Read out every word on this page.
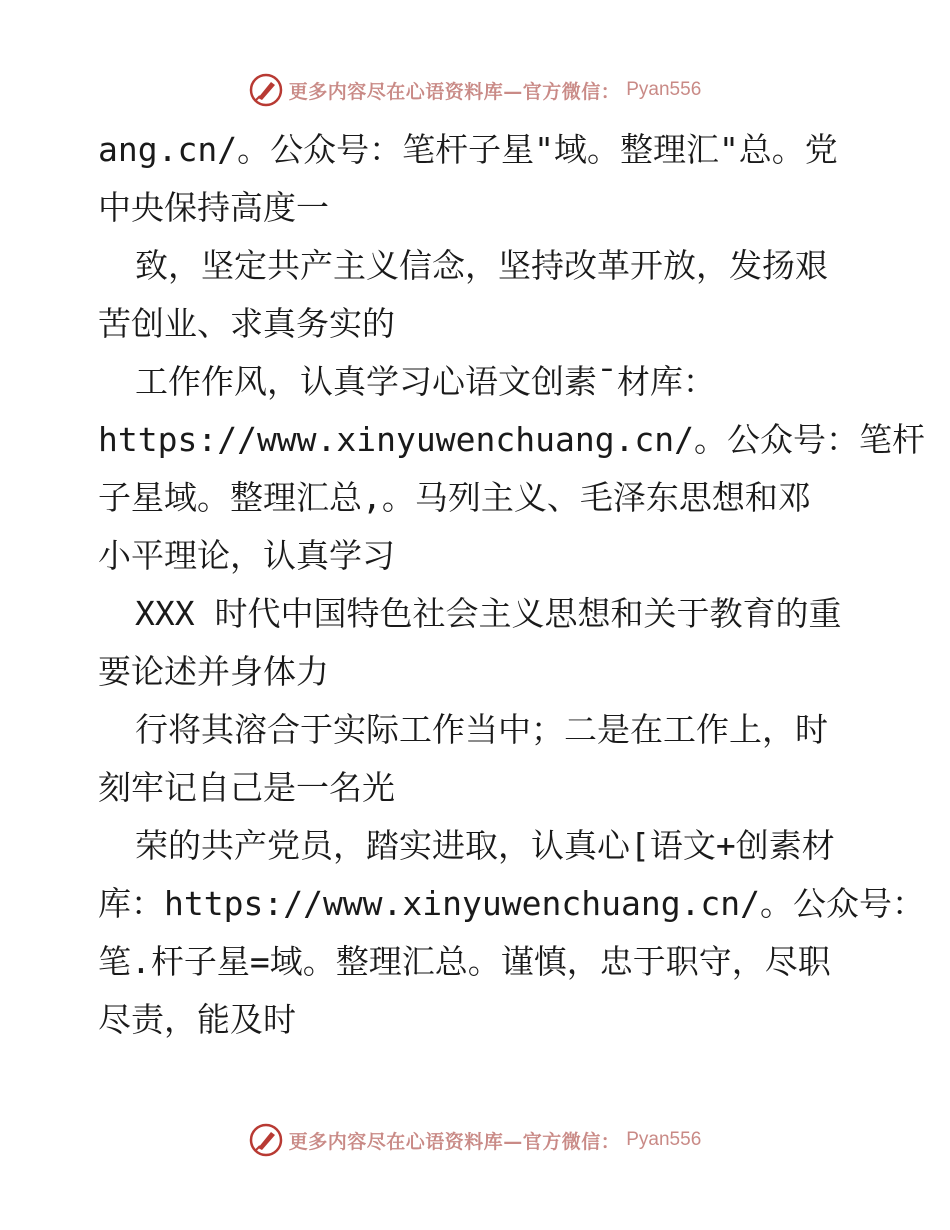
更多内容尽在心语资料库—官方微信： Pyan556
ang.cn/。公众号：笔杆子星"域。整理汇"总。党
中央保持高度一
致，坚定共产主义信念，坚持改革开放，发扬艰
苦创业、求真务实的
工作作风，认真学习心语文创素¯材库：
https://www.xinyuwenchuang.cn/。公众号：笔杆
子星域。整理汇总,。马列主义、毛泽东思想和邓
小平理论，认真学习
XXX 时代中国特色社会主义思想和关于教育的重
要论述并身体力
行将其溶合于实际工作当中；二是在工作上，时
刻牢记自己是一名光
荣的共产党员，踏实进取，认真心[语文+创素材
库：https://www.xinyuwenchuang.cn/。公众号：
笔.杆子星=域。整理汇总。谨慎，忠于职守，尽职
尽责，能及时
更多内容尽在心语资料库—官方微信： Pyan556
